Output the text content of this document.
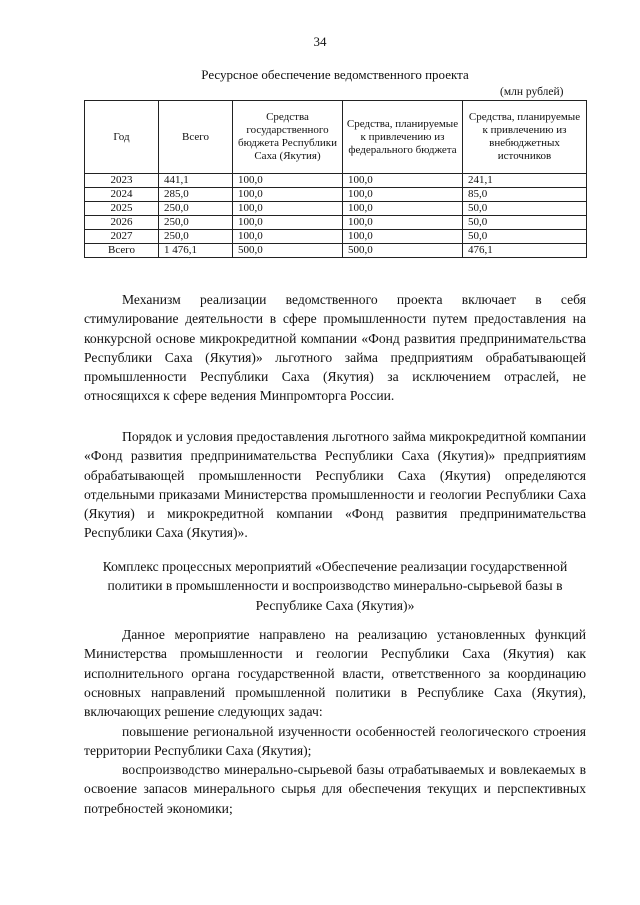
34
Ресурсное обеспечение ведомственного проекта
(млн рублей)
Год	Всего	Средства государственного бюджета Республики Саха (Якутия)	Средства, планируемые к привлечению из федерального бюджета	Средства, планируемые к привлечению из внебюджетных источников
2023	441,1	100,0	100,0	241,1
2024	285,0	100,0	100,0	85,0
2025	250,0	100,0	100,0	50,0
2026	250,0	100,0	100,0	50,0
2027	250,0	100,0	100,0	50,0
Всего	1 476,1	500,0	500,0	476,1

Механизм реализации ведомственного проекта включает в себя стимулирование деятельности в сфере промышленности путем предоставления на конкурсной основе микрокредитной компании «Фонд развития предпринимательства Республики Саха (Якутия)» льготного займа предприятиям обрабатывающей промышленности Республики Саха (Якутия) за исключением отраслей, не относящихся к сфере ведения Минпромторга России.

Порядок и условия предоставления льготного займа микрокредитной компании «Фонд развития предпринимательства Республики Саха (Якутия)» предприятиям обрабатывающей промышленности Республики Саха (Якутия) определяются отдельными приказами Министерства промышленности и геологии Республики Саха (Якутия) и микрокредитной компании «Фонд развития предпринимательства Республики Саха (Якутия)».

Комплекс процессных мероприятий «Обеспечение реализации государственной политики в промышленности и воспроизводство минерально-сырьевой базы в Республике Саха (Якутия)»

Данное мероприятие направлено на реализацию установленных функций Министерства промышленности и геологии Республики Саха (Якутия) как исполнительного органа государственной власти, ответственного за координацию основных направлений промышленной политики в Республике Саха (Якутия), включающих решение следующих задач:

повышение региональной изученности особенностей геологического строения территории Республики Саха (Якутия);

воспроизводство минерально-сырьевой базы отрабатываемых и вовлекаемых в освоение запасов минерального сырья для обеспечения текущих и перспективных потребностей экономики;
